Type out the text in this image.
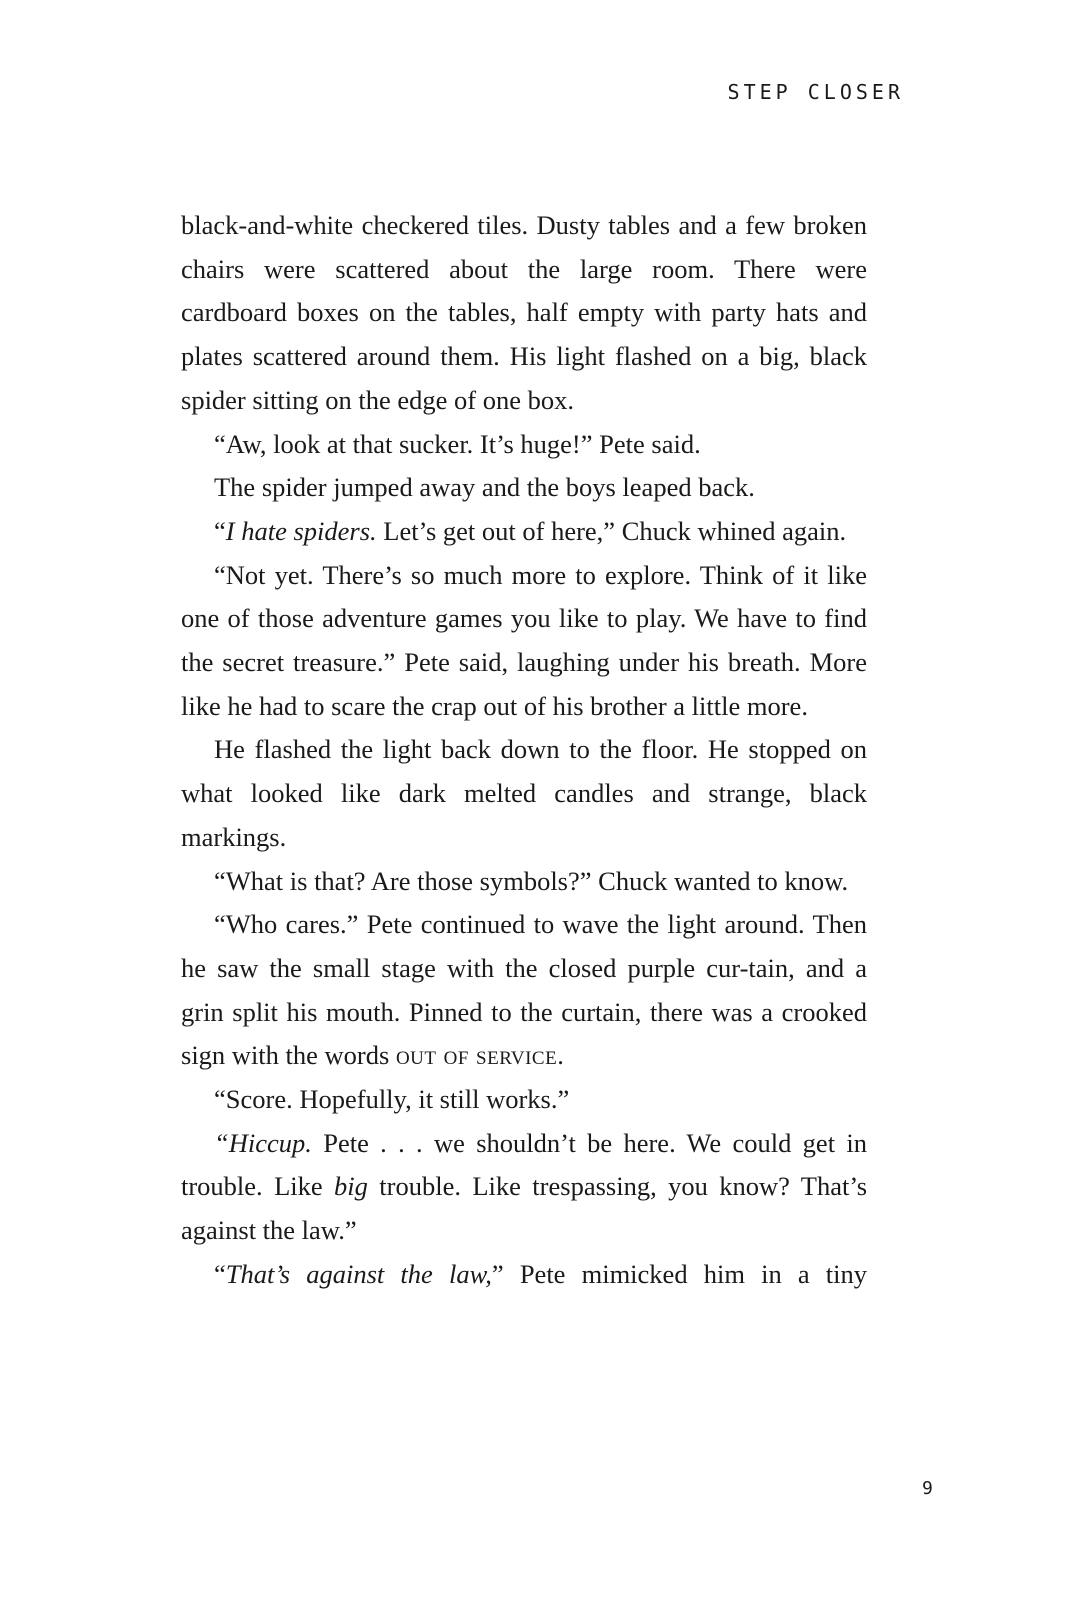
STEP CLOSER

black-and-white checkered tiles. Dusty tables and a few broken chairs were scattered about the large room. There were cardboard boxes on the tables, half empty with party hats and plates scattered around them. His light flashed on a big, black spider sitting on the edge of one box.

“Aw, look at that sucker. It’s huge!” Pete said.

The spider jumped away and the boys leaped back.

“I hate spiders. Let’s get out of here,” Chuck whined again.

“Not yet. There’s so much more to explore. Think of it like one of those adventure games you like to play. We have to find the secret treasure.” Pete said, laughing under his breath. More like he had to scare the crap out of his brother a little more.

He flashed the light back down to the floor. He stopped on what looked like dark melted candles and strange, black markings.

“What is that? Are those symbols?” Chuck wanted to know.

“Who cares.” Pete continued to wave the light around. Then he saw the small stage with the closed purple cur-tain, and a grin split his mouth. Pinned to the curtain, there was a crooked sign with the words out of service.

“Score. Hopefully, it still works.”

“Hiccup. Pete . . . we shouldn’t be here. We could get in trouble. Like big trouble. Like trespassing, you know? That’s against the law.”

“That’s against the law,” Pete mimicked him in a tiny

9
